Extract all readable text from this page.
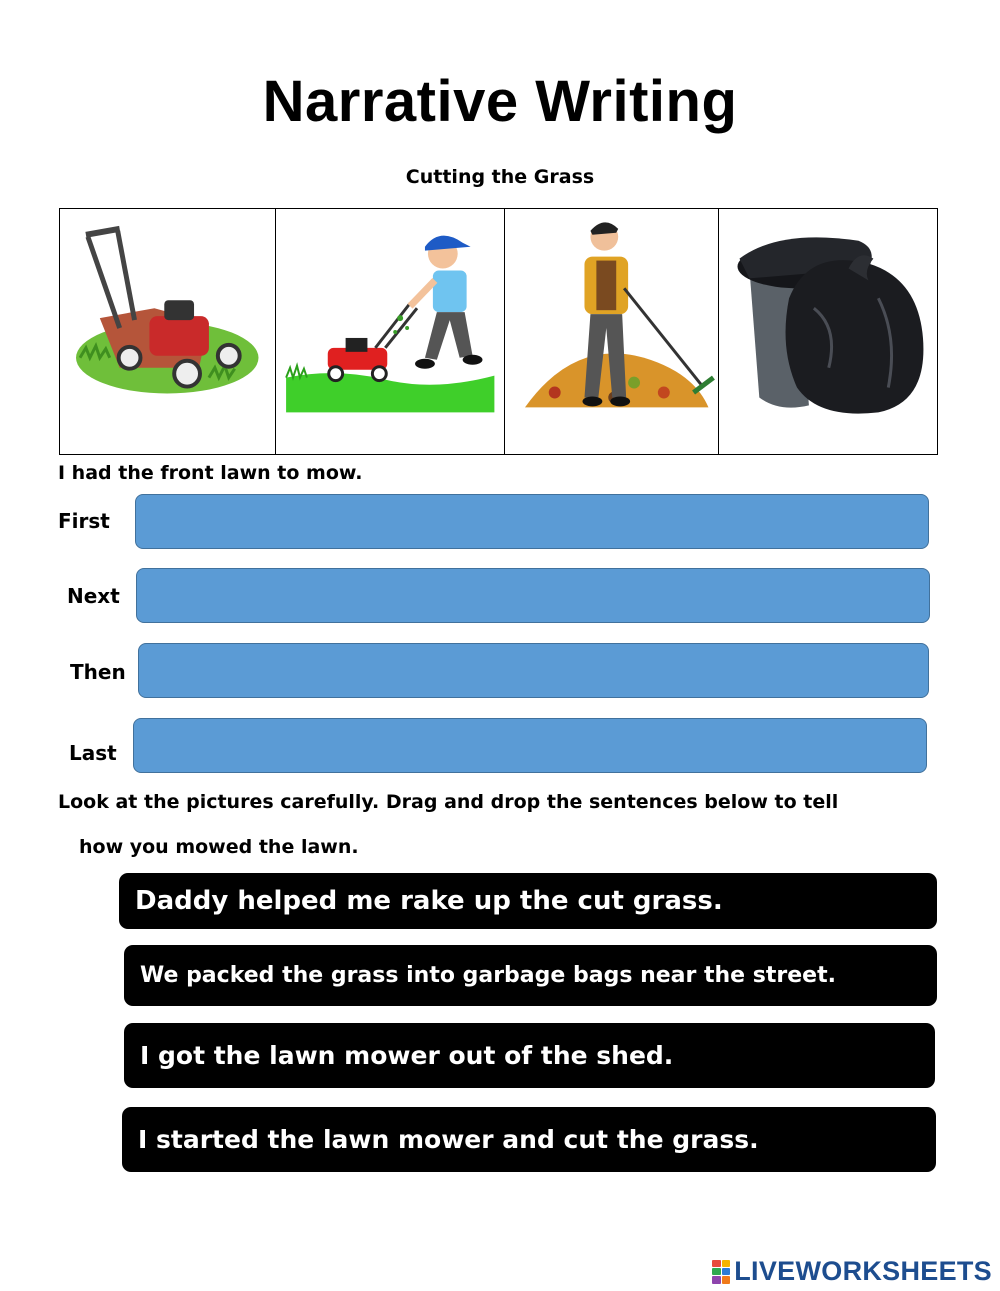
Narrative Writing
Cutting the Grass
I had the front lawn to mow.
First
Next
Then
Last
Look at the pictures carefully. Drag and drop the sentences below to tell
how you mowed the lawn.
Daddy helped me rake up the cut grass.
We packed the grass into garbage bags near the street.
I got the lawn mower out of the shed.
I started the lawn mower and cut the grass.
LIVEWORKSHEETS
